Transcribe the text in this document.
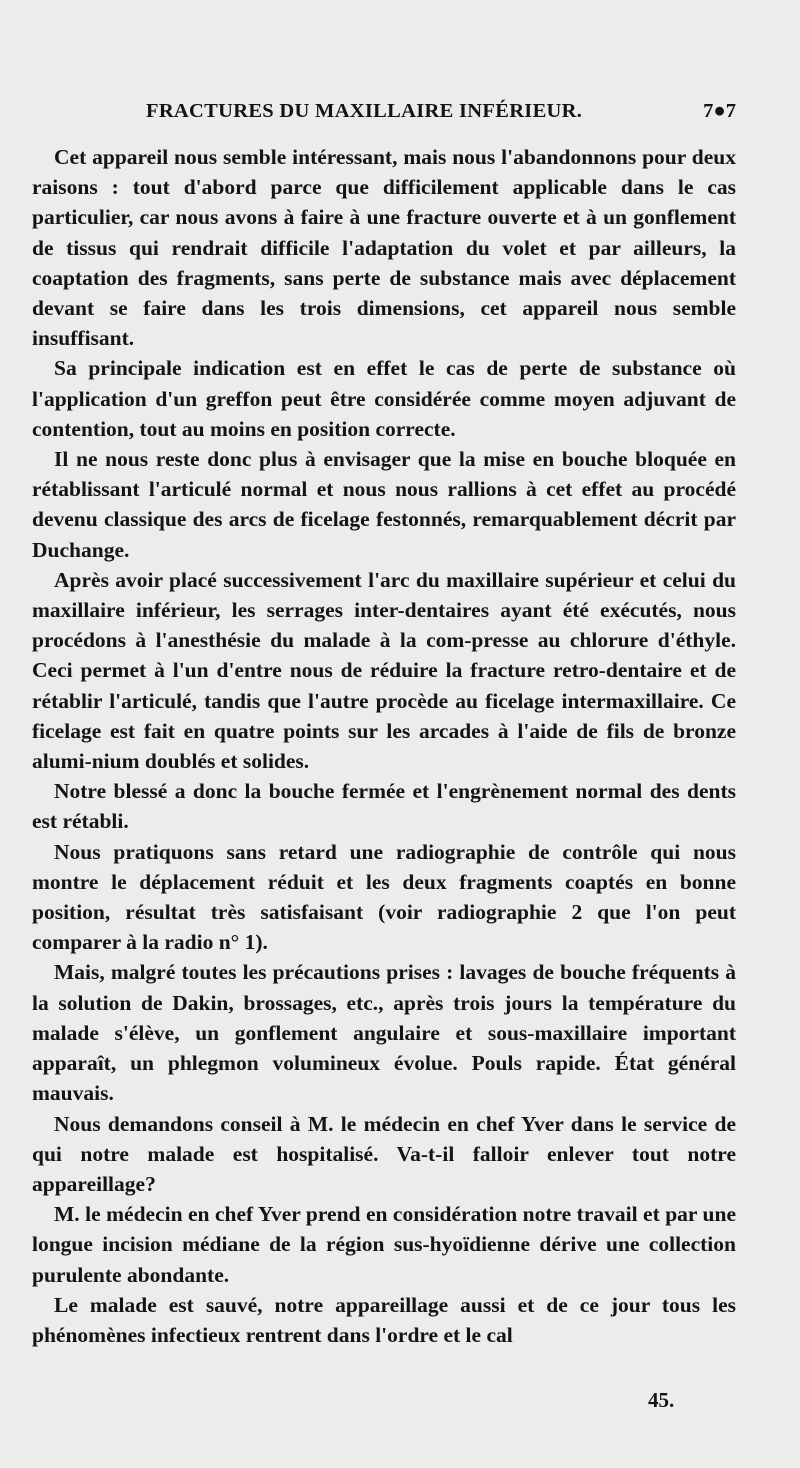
FRACTURES DU MAXILLAIRE INFÉRIEUR.	7●7

Cet appareil nous semble intéressant, mais nous l'abandonnons pour deux raisons : tout d'abord parce que difficilement applicable dans le cas particulier, car nous avons à faire à une fracture ouverte et à un gonflement de tissus qui rendrait difficile l'adaptation du volet et par ailleurs, la coaptation des fragments, sans perte de substance mais avec déplacement devant se faire dans les trois dimensions, cet appareil nous semble insuffisant.

Sa principale indication est en effet le cas de perte de substance où l'application d'un greffon peut être considérée comme moyen adjuvant de contention, tout au moins en position correcte.

Il ne nous reste donc plus à envisager que la mise en bouche bloquée en rétablissant l'articulé normal et nous nous rallions à cet effet au procédé devenu classique des arcs de ficelage festonnés, remarquablement décrit par Duchange.

Après avoir placé successivement l'arc du maxillaire supérieur et celui du maxillaire inférieur, les serrages inter-dentaires ayant été exécutés, nous procédons à l'anesthésie du malade à la com-presse au chlorure d'éthyle. Ceci permet à l'un d'entre nous de réduire la fracture retro-dentaire et de rétablir l'articulé, tandis que l'autre procède au ficelage intermaxillaire. Ce ficelage est fait en quatre points sur les arcades à l'aide de fils de bronze alumi-nium doublés et solides.

Notre blessé a donc la bouche fermée et l'engrènement normal des dents est rétabli.

Nous pratiquons sans retard une radiographie de contrôle qui nous montre le déplacement réduit et les deux fragments coaptés en bonne position, résultat très satisfaisant (voir radiographie 2 que l'on peut comparer à la radio n° 1).

Mais, malgré toutes les précautions prises : lavages de bouche fréquents à la solution de Dakin, brossages, etc., après trois jours la température du malade s'élève, un gonflement angulaire et sous-maxillaire important apparaît, un phlegmon volumineux évolue. Pouls rapide. État général mauvais.

Nous demandons conseil à M. le médecin en chef Yver dans le service de qui notre malade est hospitalisé. Va-t-il falloir enlever tout notre appareillage?

M. le médecin en chef Yver prend en considération notre travail et par une longue incision médiane de la région sus-hyoïdienne dérive une collection purulente abondante.

Le malade est sauvé, notre appareillage aussi et de ce jour tous les phénomènes infectieux rentrent dans l'ordre et le cal

45.
